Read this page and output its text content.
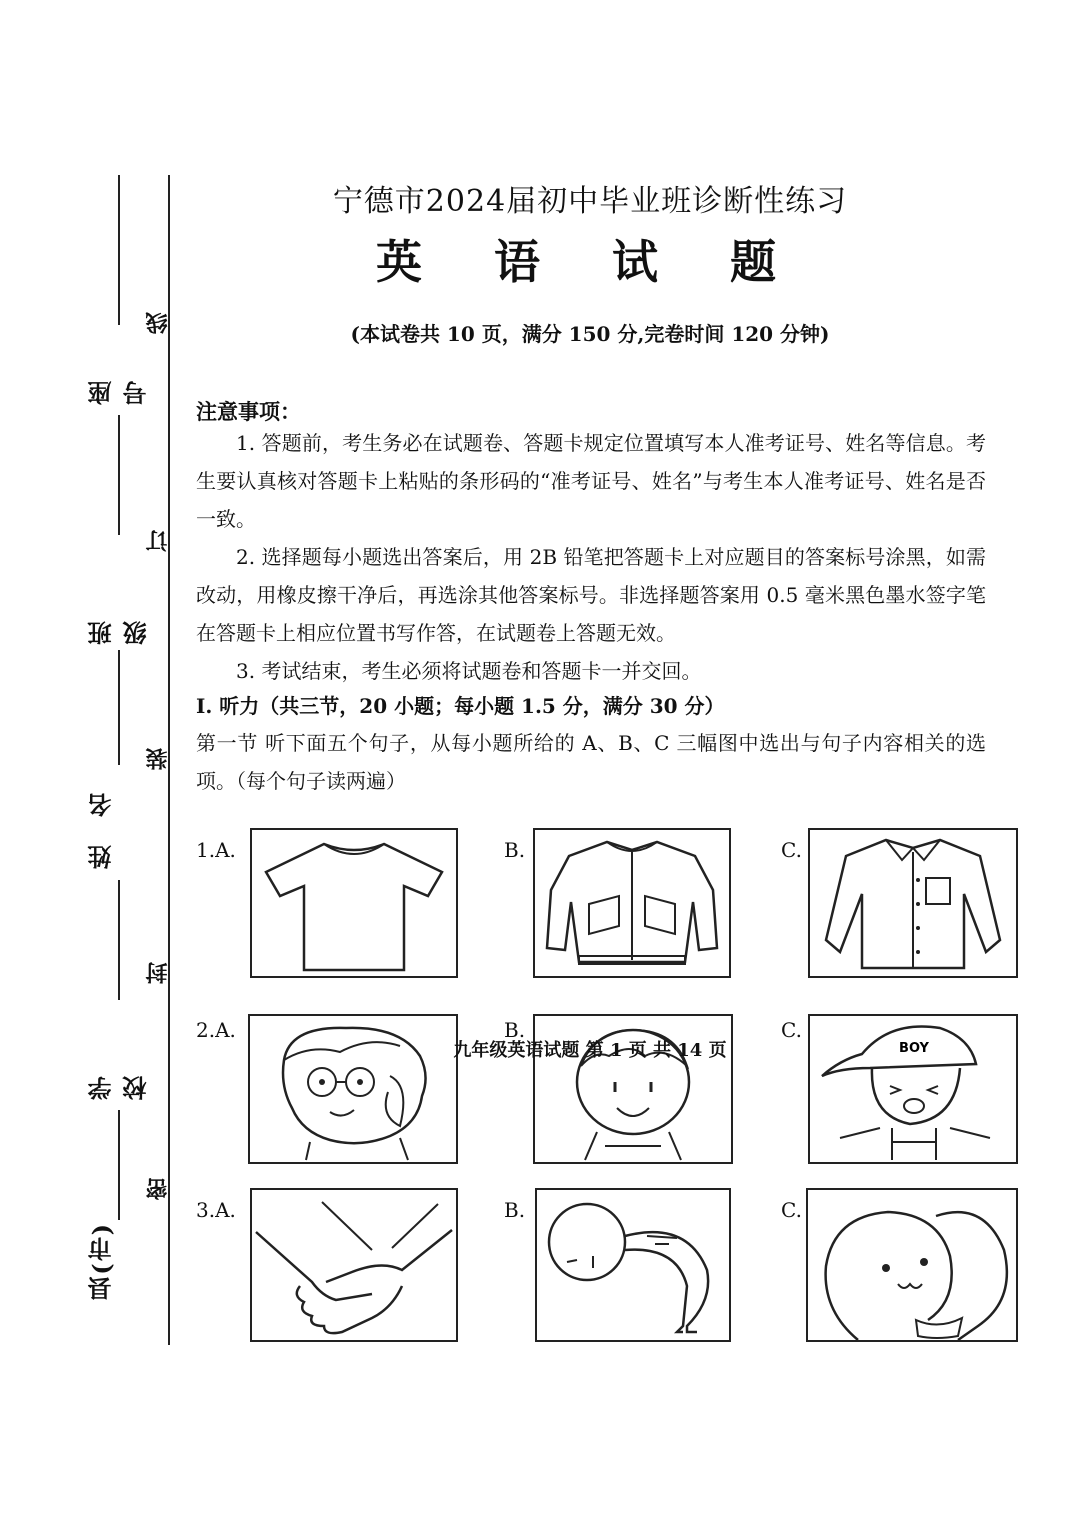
座号
班级
姓名
学校
县(市)
线
订
装
封
密
宁德市2024届初中毕业班诊断性练习
英 语 试 题
(本试卷共 10 页，满分 150 分,完卷时间 120 分钟)
注意事项：
1. 答题前，考生务必在试题卷、答题卡规定位置填写本人准考证号、姓名等信息。考生要认真核对答题卡上粘贴的条形码的“准考证号、姓名”与考生本人准考证号、姓名是否一致。
2. 选择题每小题选出答案后，用 2B 铅笔把答题卡上对应题目的答案标号涂黑，如需改动，用橡皮擦干净后，再选涂其他答案标号。非选择题答案用 0.5 毫米黑色墨水签字笔在答题卡上相应位置书写作答，在试题卷上答题无效。
3. 考试结束，考生必须将试题卷和答题卡一并交回。
Ⅰ. 听力（共三节，20 小题；每小题 1.5 分，满分 30 分）
第一节 听下面五个句子，从每小题所给的 A、B、C 三幅图中选出与句子内容相关的选项。（每个句子读两遍）
1.A.	B.	C.
2.A.	B.	C.
BOY
3.A.	B.	C.
九年级英语试题 第 1 页 共 14 页
